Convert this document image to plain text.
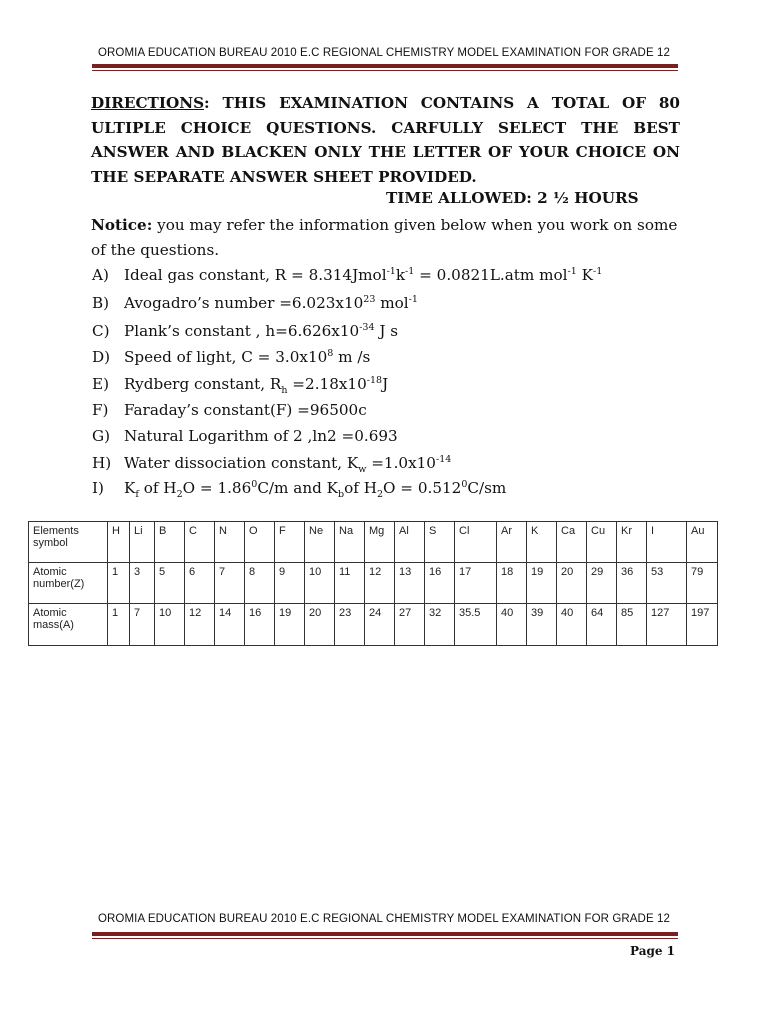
OROMIA EDUCATION BUREAU 2010 E.C REGIONAL CHEMISTRY MODEL EXAMINATION FOR GRADE 12
DIRECTIONS: THIS EXAMINATION CONTAINS A TOTAL OF 80 ULTIPLE CHOICE QUESTIONS. CARFULLY SELECT THE BEST ANSWER AND BLACKEN ONLY THE LETTER OF YOUR CHOICE ON THE SEPARATE ANSWER SHEET PROVIDED.
TIME ALLOWED: 2 ½ HOURS
Notice: you may refer the information given below when you work on some of the questions.
A) Ideal gas constant, $R = 8.314Jmol^{-1}k^{-1} = 0.0821L.atm$ mol$^{-1}$ $K^{-1}$
B) Avogadro’s number $=6.023x10^{23}$ mol$^{-1}$
C) Plank’s constant , $h=6.626x10^{-34}$ J s
D) Speed of light, $C = 3.0x10^8$ m /s
E) Rydberg constant, $R_h =2.18x10^{-18}J$
F) Faraday’s constant(F) =96500c
G) Natural Logarithm of 2 ,ln2 =0.693
H) Water dissociation constant, $K_w =1.0x10^{-14}$
I) $K_f$ of $H_2O = 1.86^0C/m$ and $K_bof$ $H_2O = 0.512^0C/sm$
Elements symbol	H	Li	B	C	N	O	F	Ne	Na	Mg	Al	S	Cl	Ar	K	Ca	Cu	Kr	I	Au
Atomic number(Z)	1	3	5	6	7	8	9	10	11	12	13	16	17	18	19	20	29	36	53	79
Atomic mass(A)	1	7	10	12	14	16	19	20	23	24	27	32	35.5	40	39	40	64	85	127	197
OROMIA EDUCATION BUREAU 2010 E.C REGIONAL CHEMISTRY MODEL EXAMINATION FOR GRADE 12
Page 1
